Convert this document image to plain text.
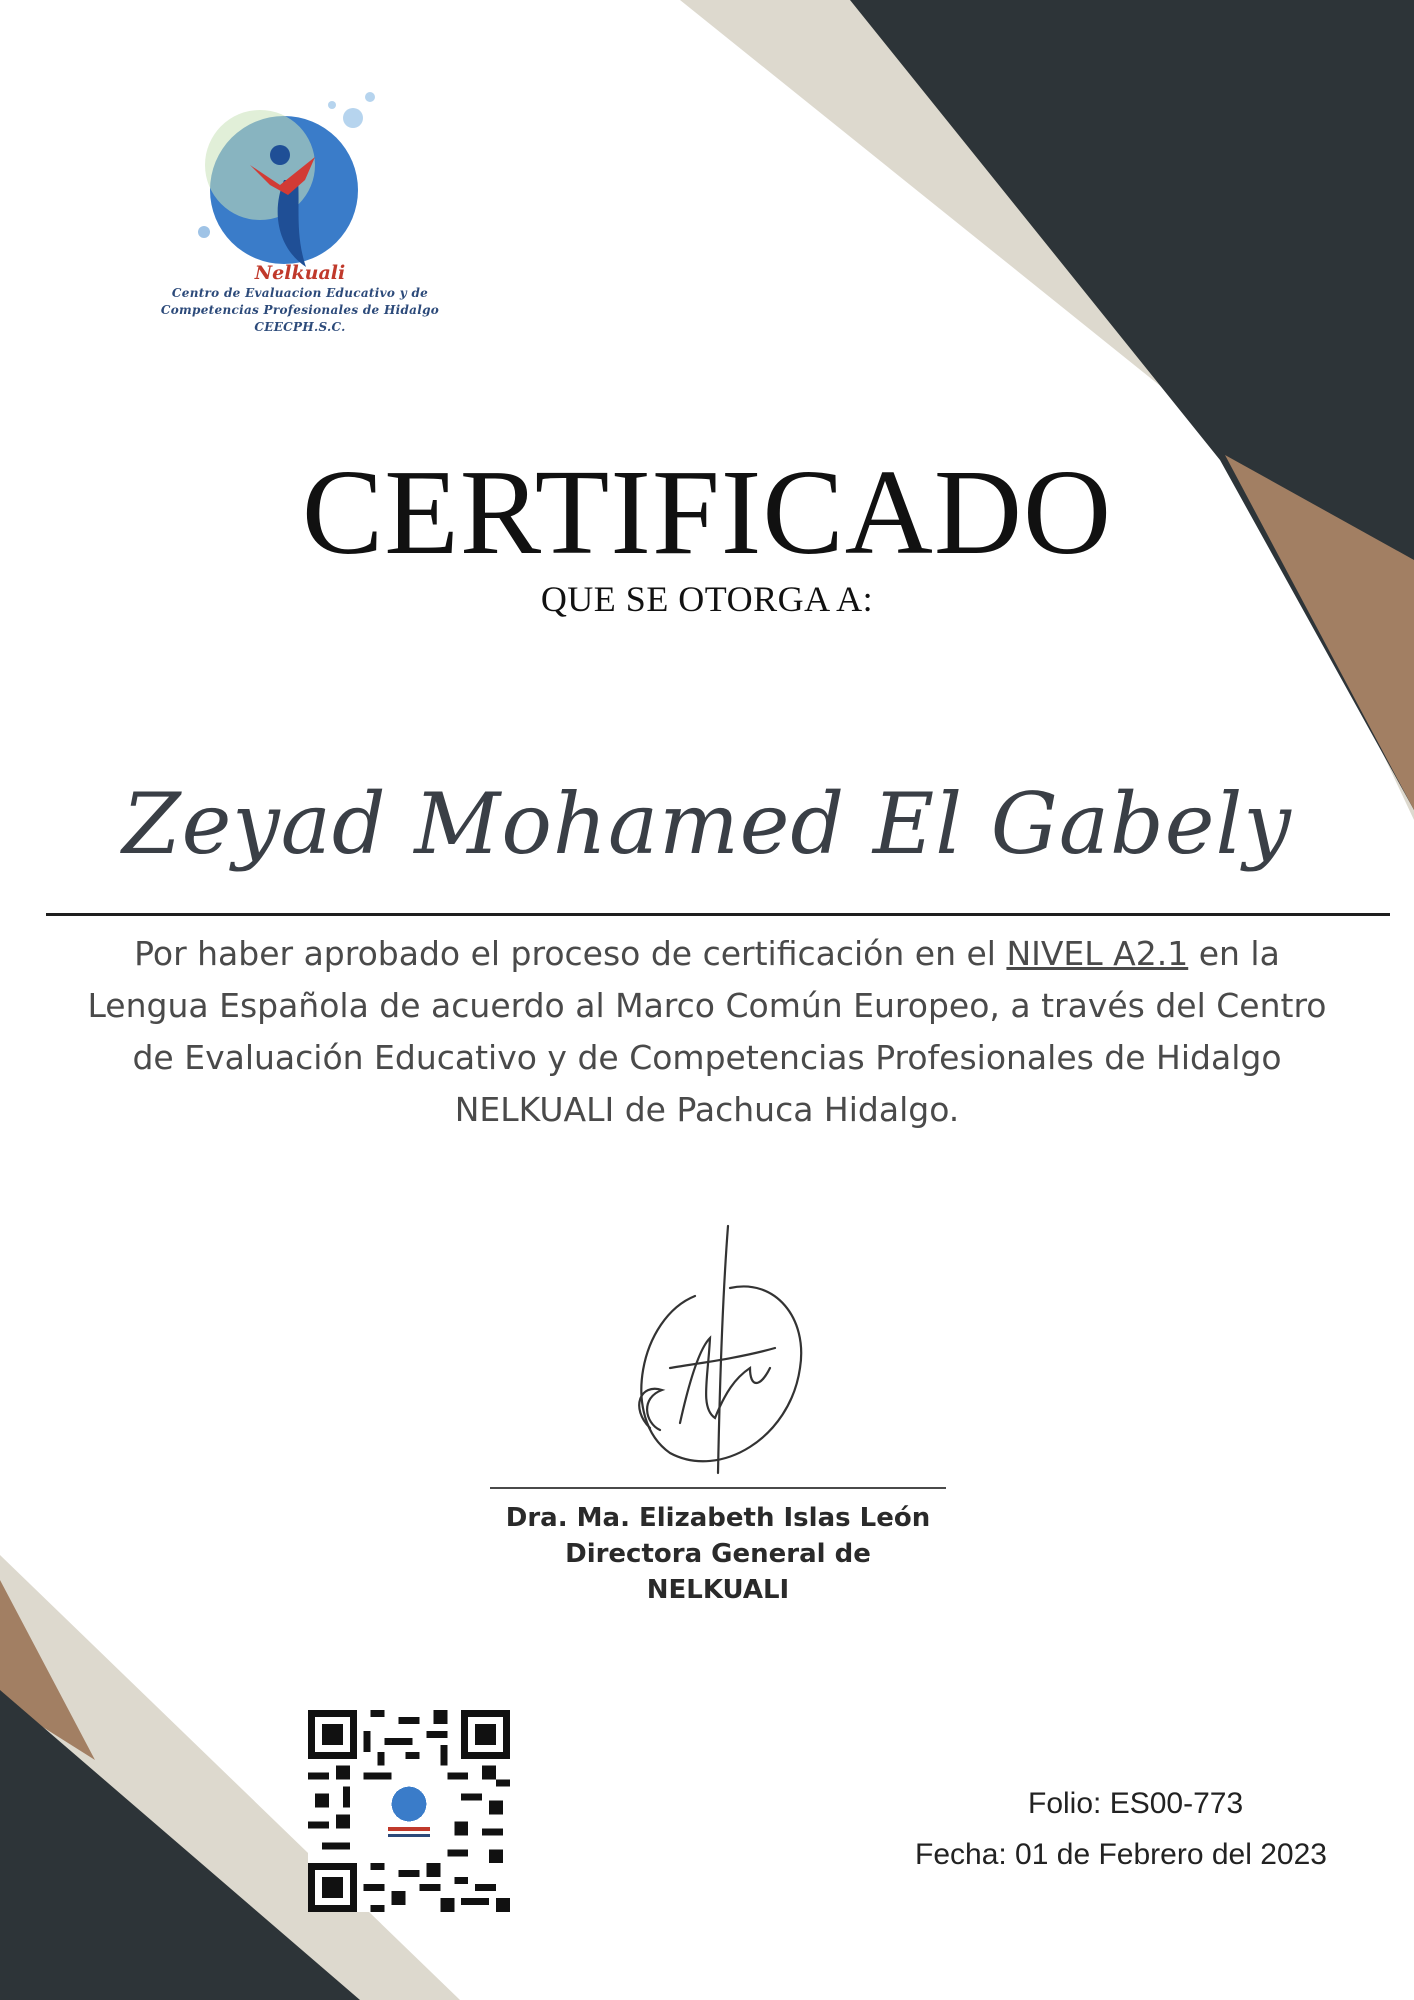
Nelkuali
Centro de Evaluacion Educativo y de Competencias Profesionales de Hidalgo CEECPH.S.C.
CERTIFICADO
QUE SE OTORGA A:
Zeyad Mohamed El Gabely
Por haber aprobado el proceso de certificación en el NIVEL A2.1 en la Lengua Española de acuerdo al Marco Común Europeo, a través del Centro de Evaluación Educativo y de Competencias Profesionales de Hidalgo NELKUALI de Pachuca Hidalgo.
Dra. Ma. Elizabeth Islas León
Directora General de
NELKUALI
Folio: ES00-773
Fecha: 01 de Febrero del 2023
